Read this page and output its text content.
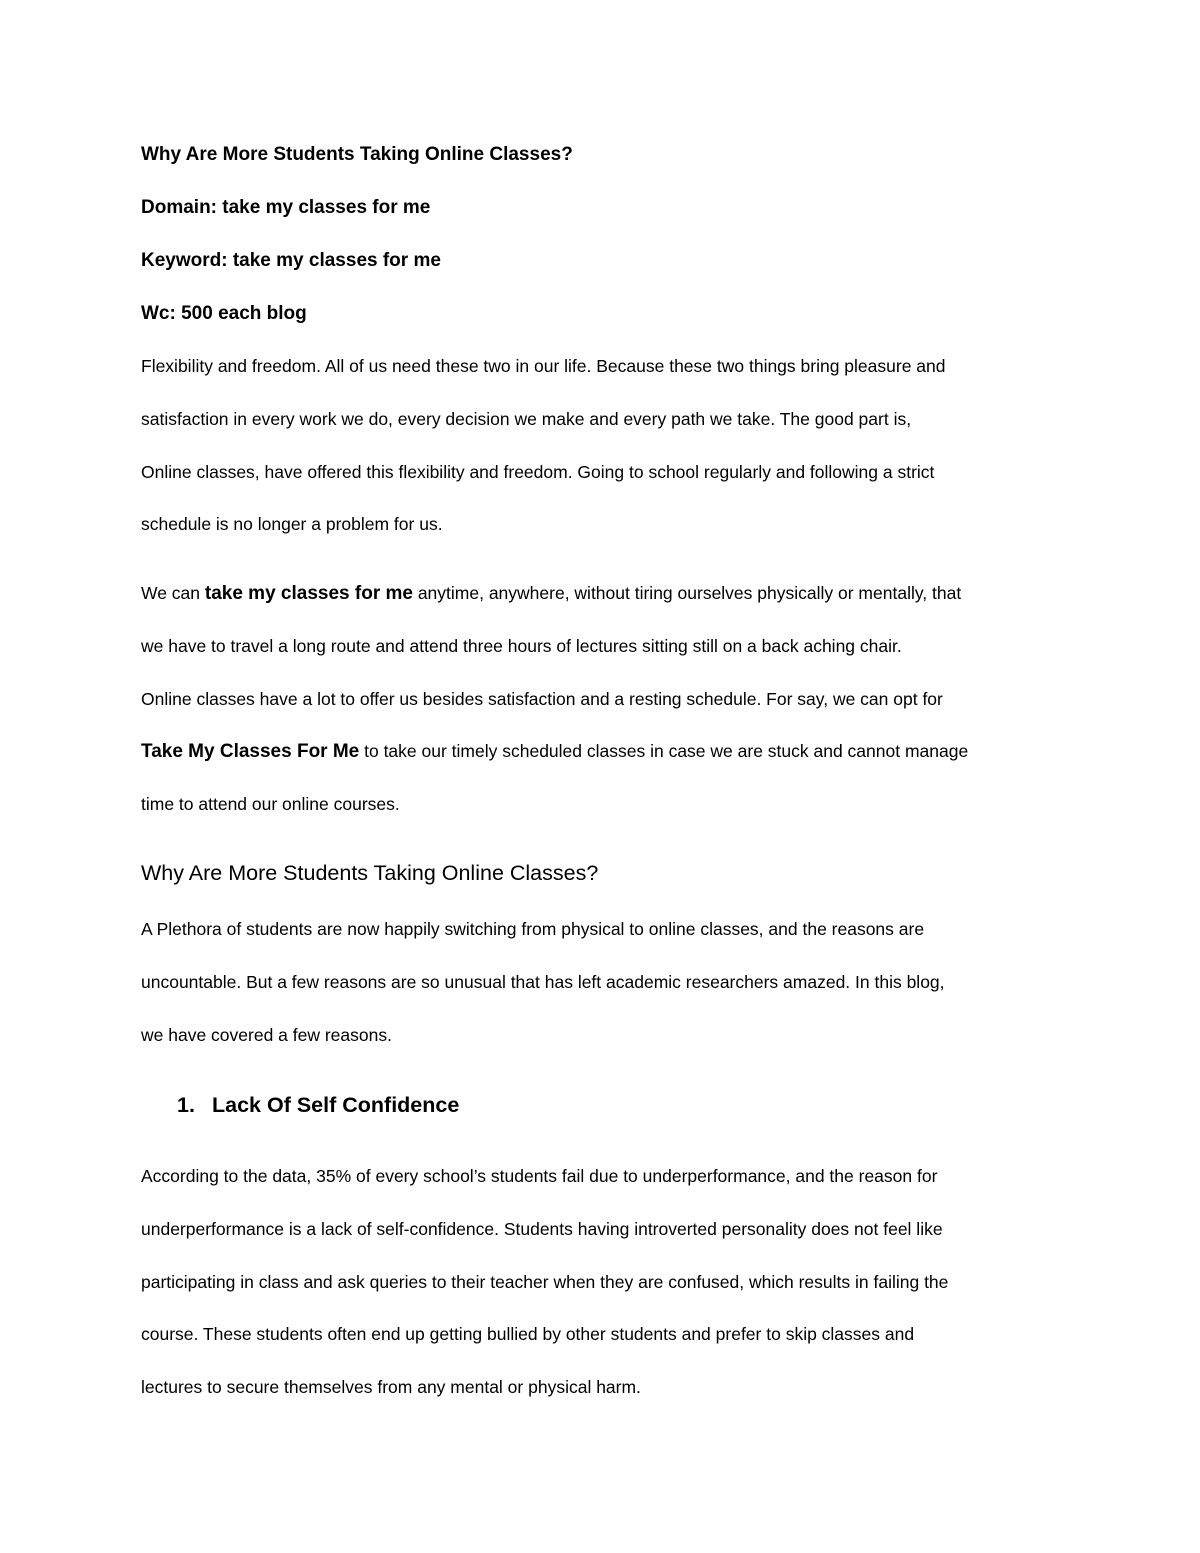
Why Are More Students Taking Online Classes?
Domain: take my classes for me
Keyword: take my classes for me
Wc: 500 each blog
Flexibility and freedom. All of us need these two in our life. Because these two things bring pleasure and
satisfaction in every work we do, every decision we make and every path we take. The good part is,
Online classes, have offered this flexibility and freedom. Going to school regularly and following a strict
schedule is no longer a problem for us.
We can take my classes for me anytime, anywhere, without tiring ourselves physically or mentally, that
we have to travel a long route and attend three hours of lectures sitting still on a back aching chair.
Online classes have a lot to offer us besides satisfaction and a resting schedule. For say, we can opt for
Take My Classes For Me to take our timely scheduled classes in case we are stuck and cannot manage
time to attend our online courses.
Why Are More Students Taking Online Classes?
A Plethora of students are now happily switching from physical to online classes, and the reasons are
uncountable. But a few reasons are so unusual that has left academic researchers amazed. In this blog,
we have covered a few reasons.
1. Lack Of Self Confidence
According to the data, 35% of every school’s students fail due to underperformance, and the reason for
underperformance is a lack of self-confidence. Students having introverted personality does not feel like
participating in class and ask queries to their teacher when they are confused, which results in failing the
course. These students often end up getting bullied by other students and prefer to skip classes and
lectures to secure themselves from any mental or physical harm.
